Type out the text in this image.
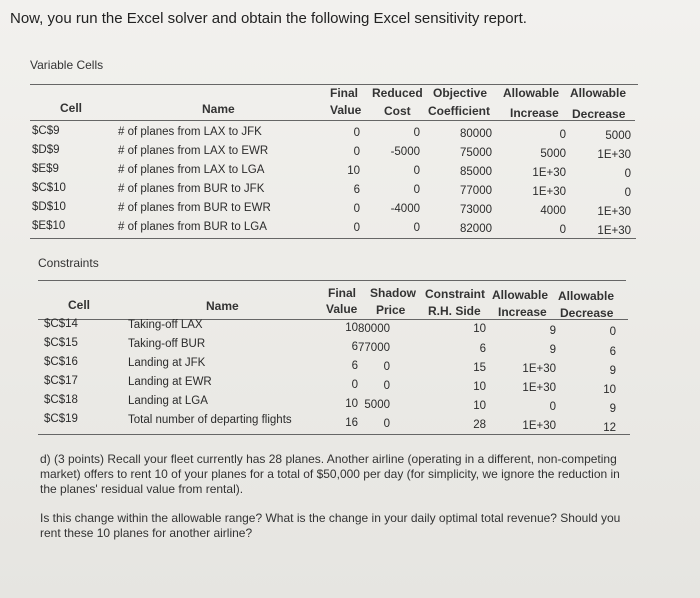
Now, you run the Excel solver and obtain the following Excel sensitivity report.
Variable Cells
Final Reduced Objective Allowable Allowable
Cell	Name	Value Cost Coefficient Increase Decrease
$C$9	# of planes from LAX to JFK	0	0	80000	0	5000
$D$9	# of planes from LAX to EWR	0	-5000	75000	5000	1E+30
$E$9	# of planes from LAX to LGA	10	0	85000	1E+30	0
$C$10	# of planes from BUR to JFK	6	0	77000	1E+30	0
$D$10	# of planes from BUR to EWR	0	-4000	73000	4000	1E+30
$E$10	# of planes from BUR to LGA	0	0	82000	0	1E+30
Constraints
Final Shadow Constraint Allowable Allowable
Cell	Name	Value Price R.H. Side Increase Decrease
$C$14	Taking-off LAX	10 80000	10	9	0
$C$15	Taking-off BUR	6 77000	6	9	6
$C$16	Landing at JFK	6	0	15	1E+30	9
$C$17	Landing at EWR	0	0	10	1E+30	10
$C$18	Landing at LGA	10 5000	10	0	9
$C$19	Total number of departing flights	16	0	28	1E+30	12

d) (3 points) Recall your fleet currently has 28 planes. Another airline (operating in a different, non-competing market) offers to rent 10 of your planes for a total of $50,000 per day (for simplicity, we ignore the reduction in the planes' residual value from rental).

Is this change within the allowable range? What is the change in your daily optimal total revenue? Should you rent these 10 planes for another airline?
